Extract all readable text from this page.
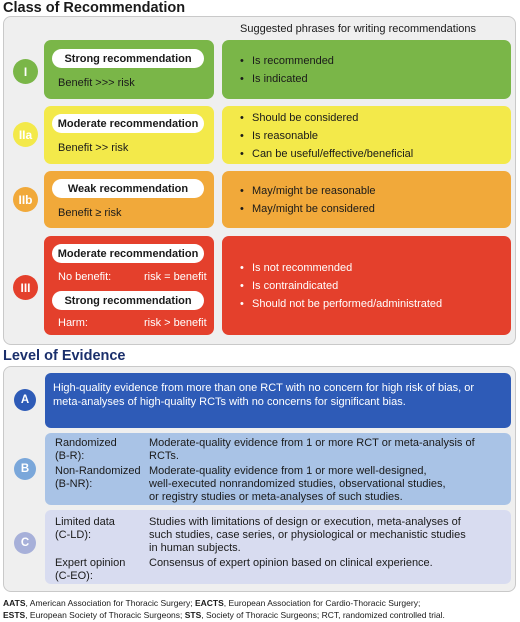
Class of Recommendation
Suggested phrases for writing recommendations
I
Strong recommendation
Benefit >>> risk
• Is recommended
• Is indicated
IIa
Moderate recommendation
Benefit >> risk
• Should be considered
• Is reasonable
• Can be useful/effective/beneficial
IIb
Weak recommendation
Benefit ≥ risk
• May/might be reasonable
• May/might be considered
III
Moderate recommendation
No benefit:	risk = benefit
Strong recommendation
Harm:	risk > benefit
• Is not recommended
• Is contraindicated
• Should not be performed/administrated
Level of Evidence
A
High-quality evidence from more than one RCT with no concern for high risk of bias, or
meta-analyses of high-quality RCTs with no concerns for significant bias.
B
Randomized
(B-R):
Moderate-quality evidence from 1 or more RCT or meta-analysis of
RCTs.
Non-Randomized
(B-NR):
Moderate-quality evidence from 1 or more well-designed,
well-executed nonrandomized studies, observational studies,
or registry studies or meta-analyses of such studies.
C
Limited data
(C-LD):
Studies with limitations of design or execution, meta-analyses of
such studies, case series, or physiological or mechanistic studies
in human subjects.
Expert opinion
(C-EO):
Consensus of expert opinion based on clinical experience.
AATS, American Association for Thoracic Surgery; EACTS, European Association for Cardio-Thoracic Surgery;
ESTS, European Society of Thoracic Surgeons; STS, Society of Thoracic Surgeons; RCT, randomized controlled trial.
